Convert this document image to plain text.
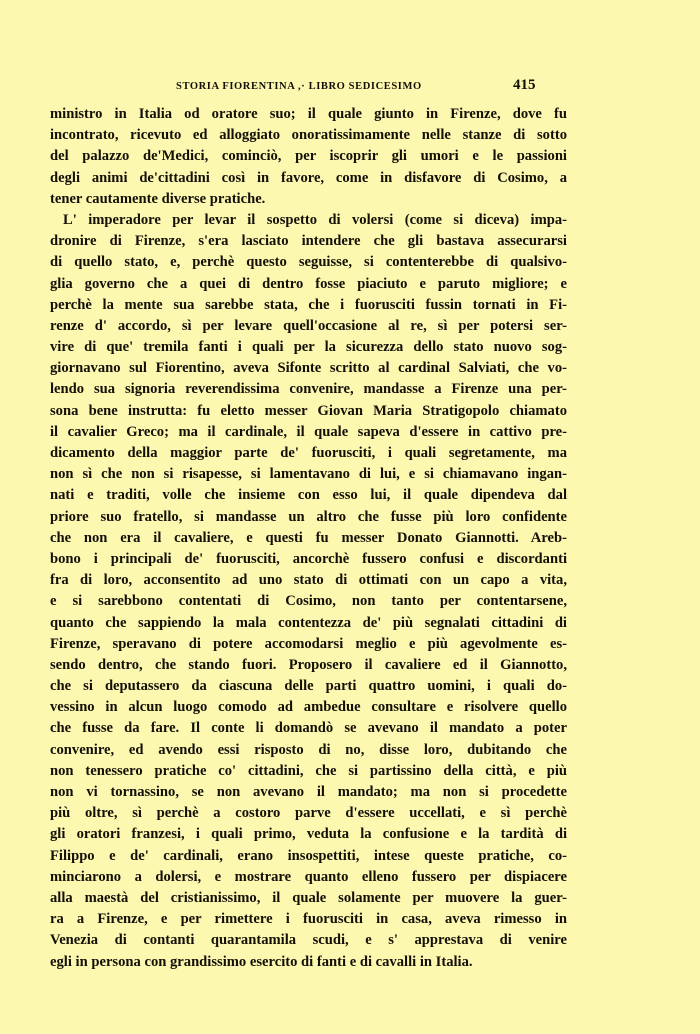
STORIA FIORENTINA ,· LIBRO SEDICESIMO	415
ministro in Italia od oratore suo; il quale giunto in Firenze, dove fu
incontrato, ricevuto ed alloggiato onoratissimamente nelle stanze di sotto
del palazzo de'Medici, cominciò, per iscoprir gli umori e le passioni
degli animi de'cittadini così in favore, come in disfavore di Cosimo, a
tener cautamente diverse pratiche.
L' imperadore per levar il sospetto di volersi (come si diceva) impa-
dronire di Firenze, s'era lasciato intendere che gli bastava assecurarsi
di quello stato, e, perchè questo seguisse, si contenterebbe di qualsivo-
glia governo che a quei di dentro fosse piaciuto e paruto migliore; e
perchè la mente sua sarebbe stata, che i fuorusciti fussin tornati in Fi-
renze d' accordo, sì per levare quell'occasione al re, sì per potersi ser-
vire di que' tremila fanti i quali per la sicurezza dello stato nuovo sog-
giornavano sul Fiorentino, aveva Sifonte scritto al cardinal Salviati, che vo-
lendo sua signoria reverendissima convenire, mandasse a Firenze una per-
sona bene instrutta: fu eletto messer Giovan Maria Stratigopolo chiamato
il cavalier Greco; ma il cardinale, il quale sapeva d'essere in cattivo pre-
dicamento della maggior parte de' fuorusciti, i quali segretamente, ma
non sì che non si risapesse, si lamentavano di lui, e si chiamavano ingan-
nati e traditi, volle che insieme con esso lui, il quale dipendeva dal
priore suo fratello, si mandasse un altro che fusse più loro confidente
che non era il cavaliere, e questi fu messer Donato Giannotti. Areb-
bono i principali de' fuorusciti, ancorchè fussero confusi e discordanti
fra di loro, acconsentito ad uno stato di ottimati con un capo a vita,
e si sarebbono contentati di Cosimo, non tanto per contentarsene,
quanto che sappiendo la mala contentezza de' più segnalati cittadini di
Firenze, speravano di potere accomodarsi meglio e più agevolmente es-
sendo dentro, che standо fuori. Proposero il cavaliere ed il Giannotto,
che si deputassero da ciascuna delle parti quattro uomini, i quali do-
vessino in alcun luogo comodo ad ambedue consultare e risolvere quello
che fusse da fare. Il conte li domandò se avevano il mandato a poter
convenire, ed avendo essi risposto di no, disse loro, dubitando che
non tenessero pratiche co' cittadini, che si partissino della città, e più
non vi tornassino, se non avevano il mandato; ma non si procedette
più oltre, sì perchè a costoro parve d'essere uccellati, e sì perchè
gli oratori franzesi, i quali primo, veduta la confusione e la tardità di
Filippo e de' cardinali, erano insospettiti, intese queste pratiche, co-
minciarono a dolersi, e mostrare quanto elleno fussero per dispiacere
alla maestà del cristianissimo, il quale solamente per muovere la guer-
ra a Firenze, e per rimettere i fuorusciti in casa, aveva rimesso in
Venezia di contanti quarantamila scudi, e s' apprestava di venire
egli in persona con grandissimo esercito di fanti e di cavalli in Italia.
